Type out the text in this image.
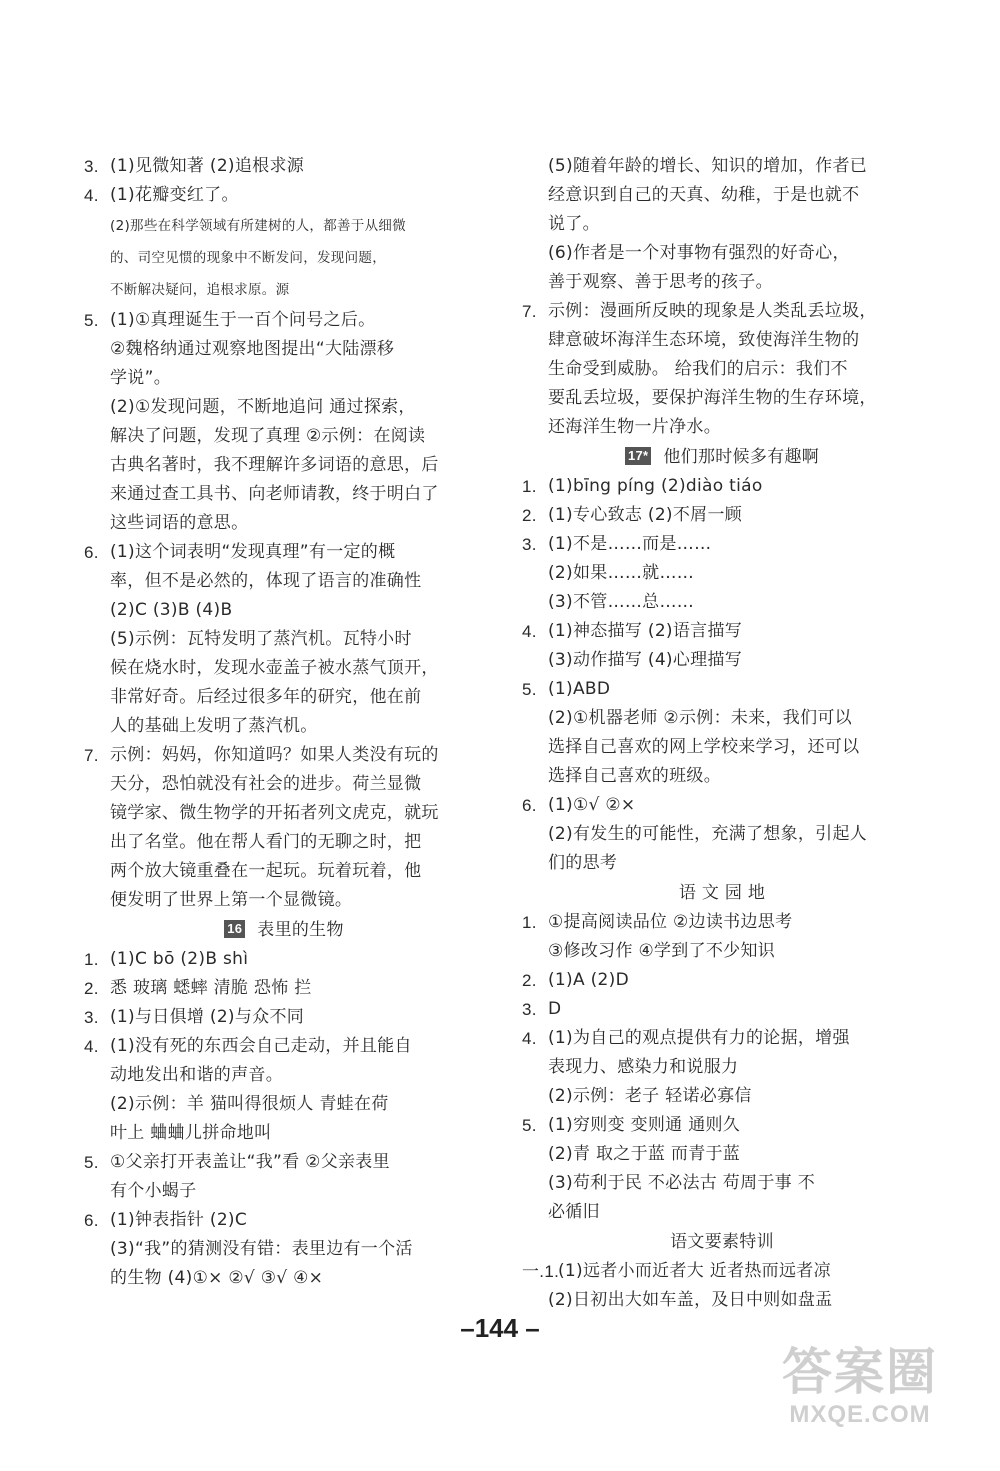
3. (1)见微知著 (2)追根求源
4. (1)花瓣变红了。
(2)那些在科学领域有所建树的人，都善于从细微
的、司空见惯的现象中不断发问，发现问题，
不断解决疑问，追根求原。源
5. (1)①真理诞生于一百个问号之后。
②魏格纳通过观察地图提出“大陆漂移
学说”。
(2)①发现问题，不断地追问 通过探索，
解决了问题，发现了真理 ②示例：在阅读
古典名著时，我不理解许多词语的意思，后
来通过查工具书、向老师请教，终于明白了
这些词语的意思。
6. (1)这个词表明“发现真理”有一定的概
率，但不是必然的，体现了语言的准确性
(2)C (3)B (4)B
(5)示例：瓦特发明了蒸汽机。瓦特小时
候在烧水时，发现水壶盖子被水蒸气顶开，
非常好奇。后经过很多年的研究，他在前
人的基础上发明了蒸汽机。
7. 示例：妈妈，你知道吗？如果人类没有玩的
天分，恐怕就没有社会的进步。荷兰显微
镜学家、微生物学的开拓者列文虎克，就玩
出了名堂。他在帮人看门的无聊之时，把
两个放大镜重叠在一起玩。玩着玩着，他
便发明了世界上第一个显微镜。
16 表里的生物
1. (1)C bō (2)B shì
2. 悉 玻璃 蟋蟀 清脆 恐怖 拦
3. (1)与日俱增 (2)与众不同
4. (1)没有死的东西会自己走动，并且能自
动地发出和谐的声音。
(2)示例：羊 猫叫得很烦人 青蛙在荷
叶上 蛐蛐儿拼命地叫
5. ①父亲打开表盖让“我”看 ②父亲表里
有个小蝎子
6. (1)钟表指针 (2)C
(3)“我”的猜测没有错：表里边有一个活
的生物 (4)①× ②√ ③√ ④×
(5)随着年龄的增长、知识的增加，作者已
经意识到自己的天真、幼稚，于是也就不
说了。
(6)作者是一个对事物有强烈的好奇心，
善于观察、善于思考的孩子。
7. 示例：漫画所反映的现象是人类乱丢垃圾，
肆意破坏海洋生态环境，致使海洋生物的
生命受到威胁。 给我们的启示：我们不
要乱丢垃圾，要保护海洋生物的生存环境，
还海洋生物一片净水。
17* 他们那时候多有趣啊
1. (1)bīng píng (2)diào tiáo
2. (1)专心致志 (2)不屑一顾
3. (1)不是……而是……
(2)如果……就……
(3)不管……总……
4. (1)神态描写 (2)语言描写
(3)动作描写 (4)心理描写
5. (1)ABD
(2)①机器老师 ②示例：未来，我们可以
选择自己喜欢的网上学校来学习，还可以
选择自己喜欢的班级。
6. (1)①√ ②×
(2)有发生的可能性，充满了想象，引起人
们的思考
语 文 园 地
1. ①提高阅读品位 ②边读书边思考
③修改习作 ④学到了不少知识
2. (1)A (2)D
3. D
4. (1)为自己的观点提供有力的论据，增强
表现力、感染力和说服力
(2)示例：老子 轻诺必寡信
5. (1)穷则变 变则通 通则久
(2)青 取之于蓝 而青于蓝
(3)苟利于民 不必法古 苟周于事 不
必循旧
语文要素特训
一.1.
(1)远者小而近者大 近者热而远者凉
(2)日初出大如车盖，及日中则如盘盂
–144 –
答案圈
MXQE.COM
